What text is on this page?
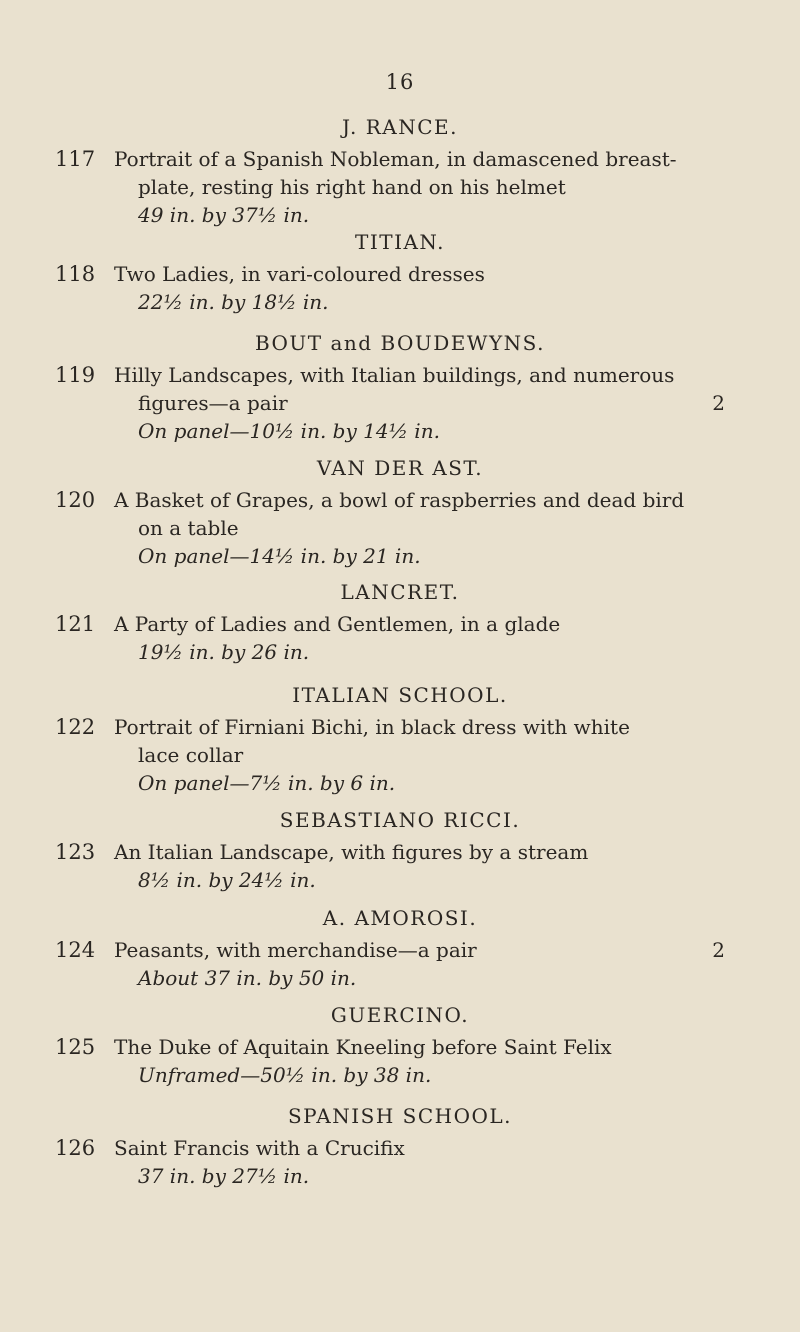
16
J. RANCE.
117 Portrait of a Spanish Nobleman, in damascened breast-
plate, resting his right hand on his helmet
49 in. by 37½ in.
TITIAN.
118 Two Ladies, in vari-coloured dresses
22½ in. by 18½ in.
BOUT and BOUDEWYNS.
119 Hilly Landscapes, with Italian buildings, and numerous
figures—a pair	2
On panel—10½ in. by 14½ in.
VAN DER AST.
120 A Basket of Grapes, a bowl of raspberries and dead bird
on a table
On panel—14½ in. by 21 in.
LANCRET.
121 A Party of Ladies and Gentlemen, in a glade
19½ in. by 26 in.
ITALIAN SCHOOL.
122 Portrait of Firniani Bichi, in black dress with white
lace collar
On panel—7½ in. by 6 in.
SEBASTIANO RICCI.
123 An Italian Landscape, with figures by a stream
8½ in. by 24½ in.
A. AMOROSI.
124 Peasants, with merchandise—a pair	2
About 37 in. by 50 in.
GUERCINO.
125 The Duke of Aquitain Kneeling before Saint Felix
Unframed—50½ in. by 38 in.
SPANISH SCHOOL.
126 Saint Francis with a Crucifix
37 in. by 27½ in.
